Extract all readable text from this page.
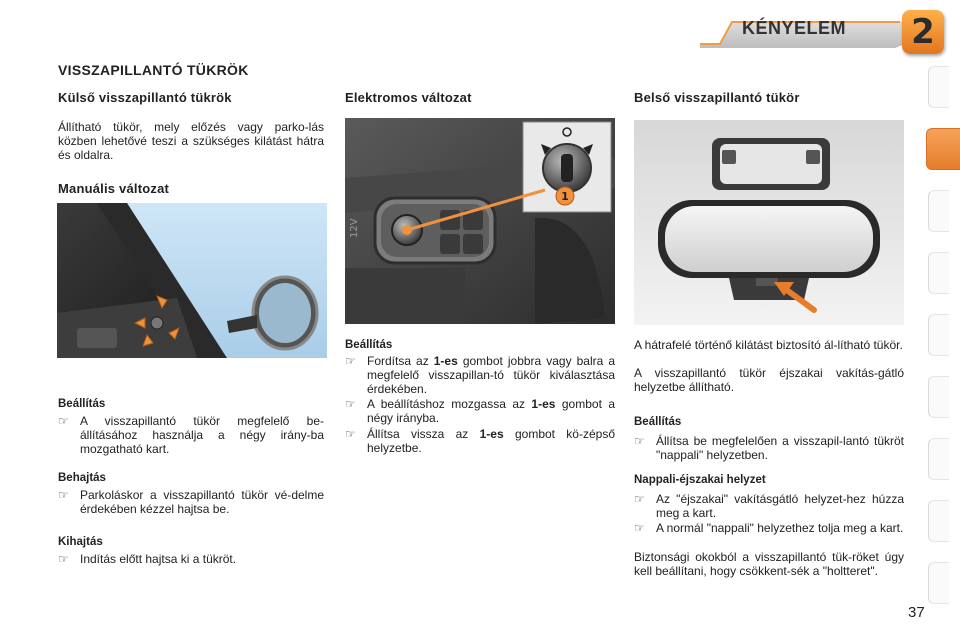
KÉNYELEM 2
VISSZAPILLANTÓ TÜKRÖK
Külső visszapillantó tükrök
Állítható tükör, mely előzés vagy parko-lás közben lehetővé teszi a szükséges kilátást hátra és oldalra.
Manuális változat
Beállítás
☞ A visszapillantó tükör megfelelő be-állításához használja a négy irány-ba mozgatható kart.
Behajtás
☞ Parkoláskor a visszapillantó tükör vé-delme érdekében kézzel hajtsa be.
Kihajtás
☞ Indítás előtt hajtsa ki a tükröt.
Elektromos változat
12V
1
Beállítás
☞ Fordítsa az 1-es gombot jobbra vagy balra a megfelelő visszapillan-tó tükör kiválasztása érdekében.
☞ A beállításhoz mozgassa az 1-es gombot a négy irányba.
☞ Állítsa vissza az 1-es gombot kö-zépső helyzetbe.
Belső visszapillantó tükör
A hátrafelé történő kilátást biztosító ál-lítható tükör.
A visszapillantó tükör éjszakai vakítás-gátló helyzetbe állítható.
Beállítás
☞ Állítsa be megfelelően a visszapil-lantó tükröt "nappali" helyzetben.
Nappali-éjszakai helyzet
☞ Az "éjszakai" vakításgátló helyzet-hez húzza meg a kart.
☞ A normál "nappali" helyzethez tolja meg a kart.
Biztonsági okokból a visszapillantó tük-röket úgy kell beállítani, hogy csökkent-sék a "holtteret".
37
